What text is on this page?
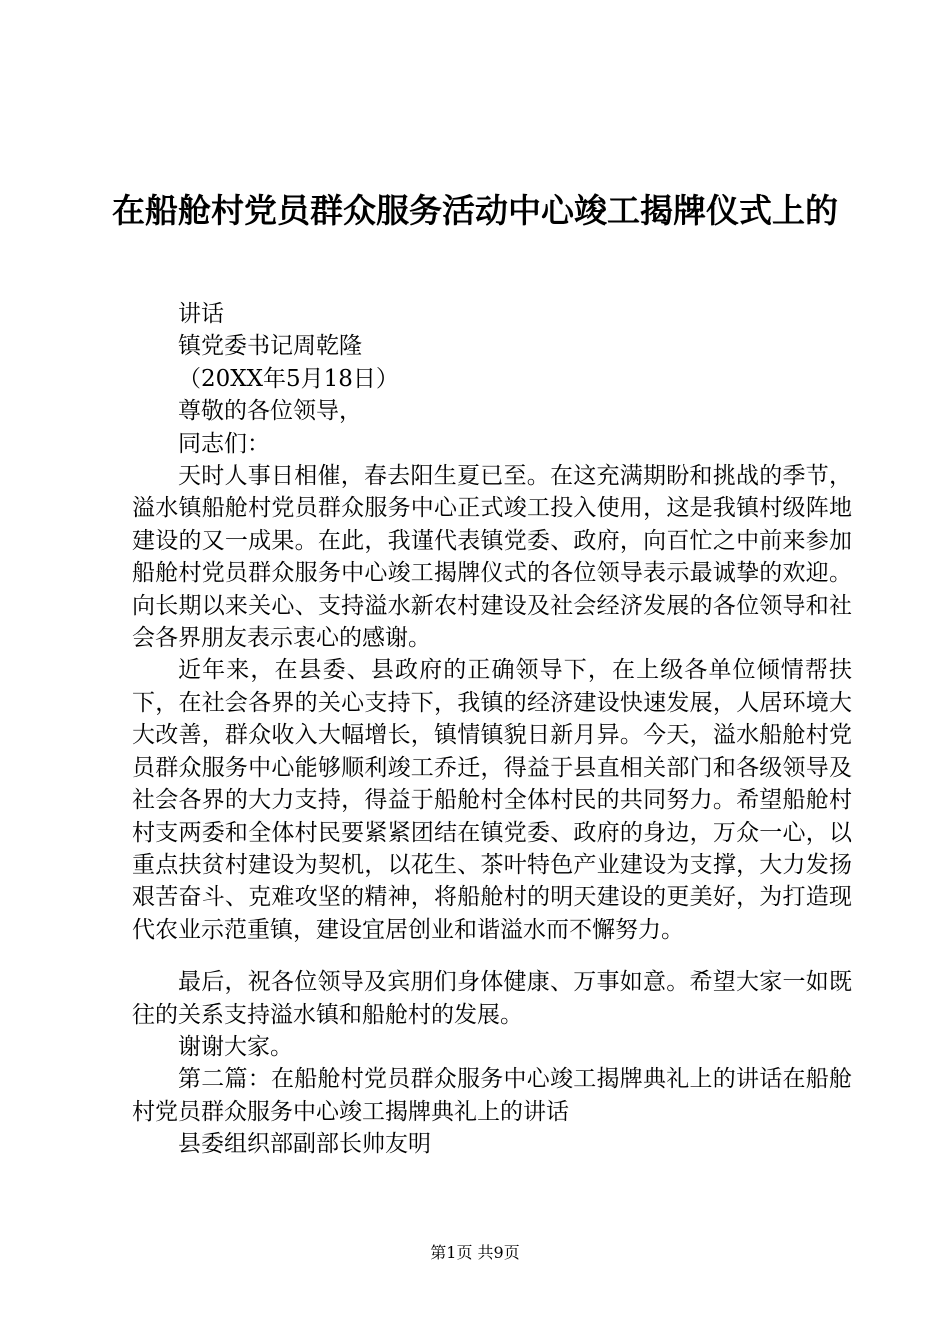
在船舱村党员群众服务活动中心竣工揭牌仪式上的

讲话

镇党委书记周乾隆

（20XX年5月18日）

尊敬的各位领导，

同志们：

天时人事日相催，春去阳生夏已至。在这充满期盼和挑战的季节，溢水镇船舱村党员群众服务中心正式竣工投入使用，这是我镇村级阵地建设的又一成果。在此，我谨代表镇党委、政府，向百忙之中前来参加船舱村党员群众服务中心竣工揭牌仪式的各位领导表示最诚挚的欢迎。向长期以来关心、支持溢水新农村建设及社会经济发展的各位领导和社会各界朋友表示衷心的感谢。

近年来，在县委、县政府的正确领导下，在上级各单位倾情帮扶下，在社会各界的关心支持下，我镇的经济建设快速发展，人居环境大大改善，群众收入大幅增长，镇情镇貌日新月异。今天，溢水船舱村党员群众服务中心能够顺利竣工乔迁，得益于县直相关部门和各级领导及社会各界的大力支持，得益于船舱村全体村民的共同努力。希望船舱村村支两委和全体村民要紧紧团结在镇党委、政府的身边，万众一心，以重点扶贫村建设为契机，以花生、茶叶特色产业建设为支撑，大力发扬艰苦奋斗、克难攻坚的精神，将船舱村的明天建设的更美好，为打造现代农业示范重镇，建设宜居创业和谐溢水而不懈努力。

最后，祝各位领导及宾朋们身体健康、万事如意。希望大家一如既往的关系支持溢水镇和船舱村的发展。

谢谢大家。

第二篇：在船舱村党员群众服务中心竣工揭牌典礼上的讲话在船舱村党员群众服务中心竣工揭牌典礼上的讲话

县委组织部副部长帅友明

第1页 共9页
